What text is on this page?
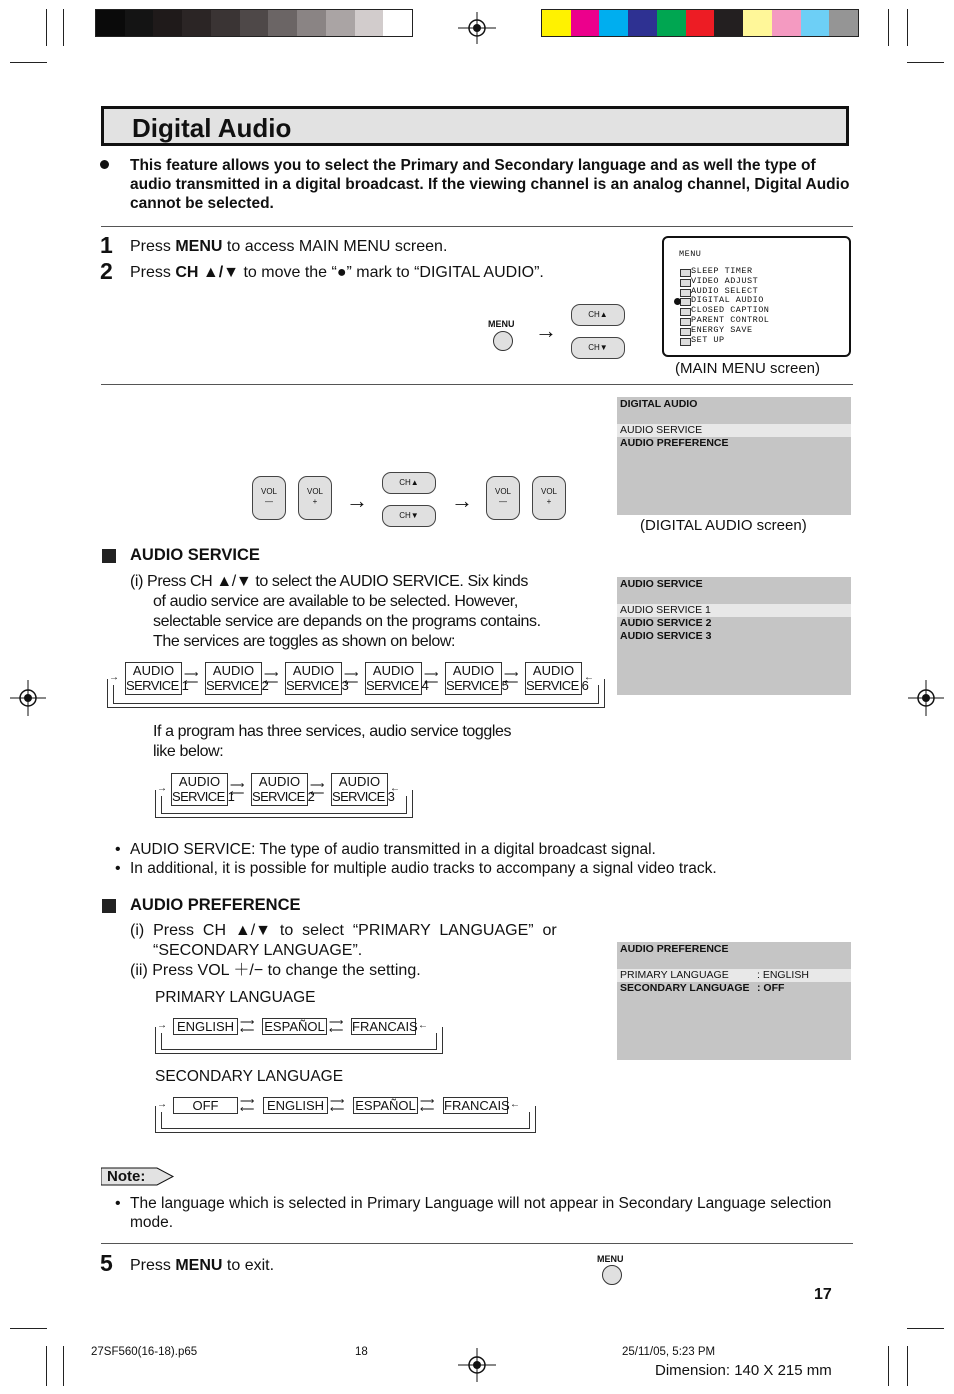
Digital Audio
This feature allows you to select the Primary and Secondary language and as well the type of audio transmitted in a digital broadcast. If the viewing channel is an analog channel, Digital Audio cannot be selected.
1 Press MENU to access MAIN MENU screen.
2 Press CH ▲/▼ to move the “●” mark to “DIGITAL AUDIO”.
MENU →
CH▲
CH▼
MENU
SLEEP TIMER
VIDEO ADJUST
AUDIO SELECT
DIGITAL AUDIO
CLOSED CAPTION
PARENT CONTROL
ENERGY SAVE
SET UP
(MAIN MENU screen)
DIGITAL AUDIO
AUDIO SERVICE
AUDIO PREFERENCE
(DIGITAL AUDIO screen)
VOL
—
VOL
+	→
CH▲
CH▼
→	VOL
—
VOL
+
AUDIO SERVICE
(i) Press CH ▲/▼ to select the AUDIO SERVICE. Six kinds
of audio service are available to be selected. However,
selectable service are depands on the programs contains.
The services are toggles as shown on below:
AUDIO SERVICE
AUDIO SERVICE 1
AUDIO SERVICE 2
AUDIO SERVICE 3
AUDIO
SERVICE 1
⟶
⟵
AUDIO
SERVICE 2
⟶
⟵
AUDIO
SERVICE 3
⟶
⟵
AUDIO
SERVICE 4
⟶
⟵
AUDIO
SERVICE 5
⟶
⟵
AUDIO
SERVICE 6
→	←
If a program has three services, audio service toggles
like below:
AUDIO
SERVICE 1
⟶
⟵
AUDIO
SERVICE 2
⟶
⟵
AUDIO
SERVICE 3
→	←
• AUDIO SERVICE: The type of audio transmitted in a digital broadcast signal.
• In additional, it is possible for multiple audio tracks to accompany a signal video track.
AUDIO PREFERENCE
(i)  Press  CH  ▲/▼  to  select  “PRIMARY  LANGUAGE”  or
“SECONDARY LANGUAGE”.
(ii) Press VOL ＋/− to change the setting.
AUDIO PREFERENCE
PRIMARY LANGUAGE	: ENGLISH
SECONDARY LANGUAGE : OFF
PRIMARY LANGUAGE
ENGLISH ⟶
⟵ ESPAÑOL ⟶
⟵ FRANCAIS
→	←
SECONDARY LANGUAGE
OFF	⟶
⟵ ENGLISH ⟶
⟵ ESPAÑOL ⟶
⟵ FRANCAIS
→	←
Note:
• The language which is selected in Primary Language will not appear in Secondary Language selection mode.
5 Press MENU to exit.	MENU
17
27SF560(16-18).p65	18	25/11/05, 5:23 PM
Dimension: 140 X 215 mm
